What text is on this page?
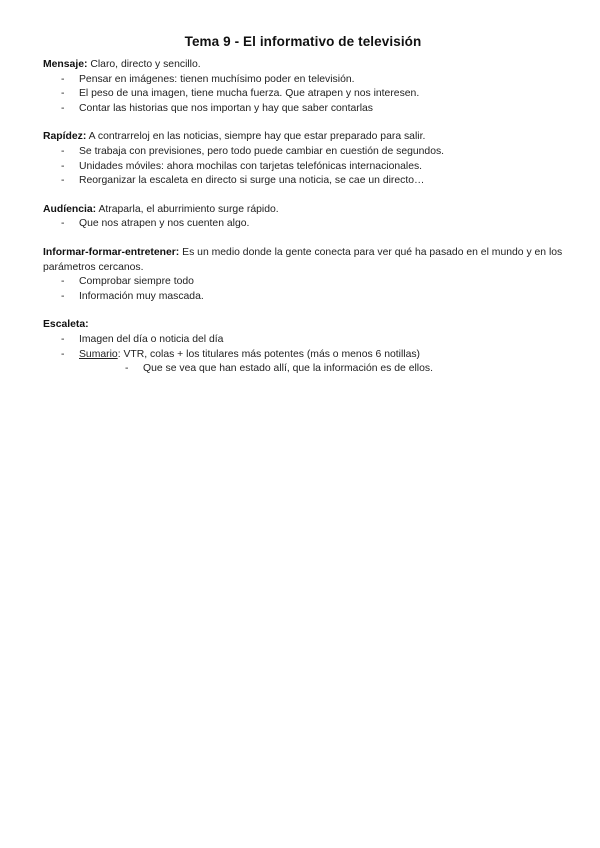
Tema 9 - El informativo de televisión

Mensaje: Claro, directo y sencillo.

- Pensar en imágenes: tienen muchísimo poder en televisión.
- El peso de una imagen, tiene mucha fuerza. Que atrapen y nos interesen.
- Contar las historias que nos importan y hay que saber contarlas

Rapídez: A contrarreloj en las noticias, siempre hay que estar preparado para salir.

- Se trabaja con previsiones, pero todo puede cambiar en cuestión de segundos.
- Unidades móviles: ahora mochilas con tarjetas telefónicas internacionales.
- Reorganizar la escaleta en directo si surge una noticia, se cae un directo…

Audíencia: Atraparla, el aburrimiento surge rápido.

- Que nos atrapen y nos cuenten algo.

Informar-formar-entretener: Es un medio donde la gente conecta para ver qué ha pasado en el mundo y en los parámetros cercanos.

- Comprobar siempre todo
- Información muy mascada.

Escaleta:

- Imagen del día o noticia del día
- Sumario: VTR, colas + los titulares más potentes (más o menos 6 notillas)
- Que se vea que han estado allí, que la información es de ellos.
